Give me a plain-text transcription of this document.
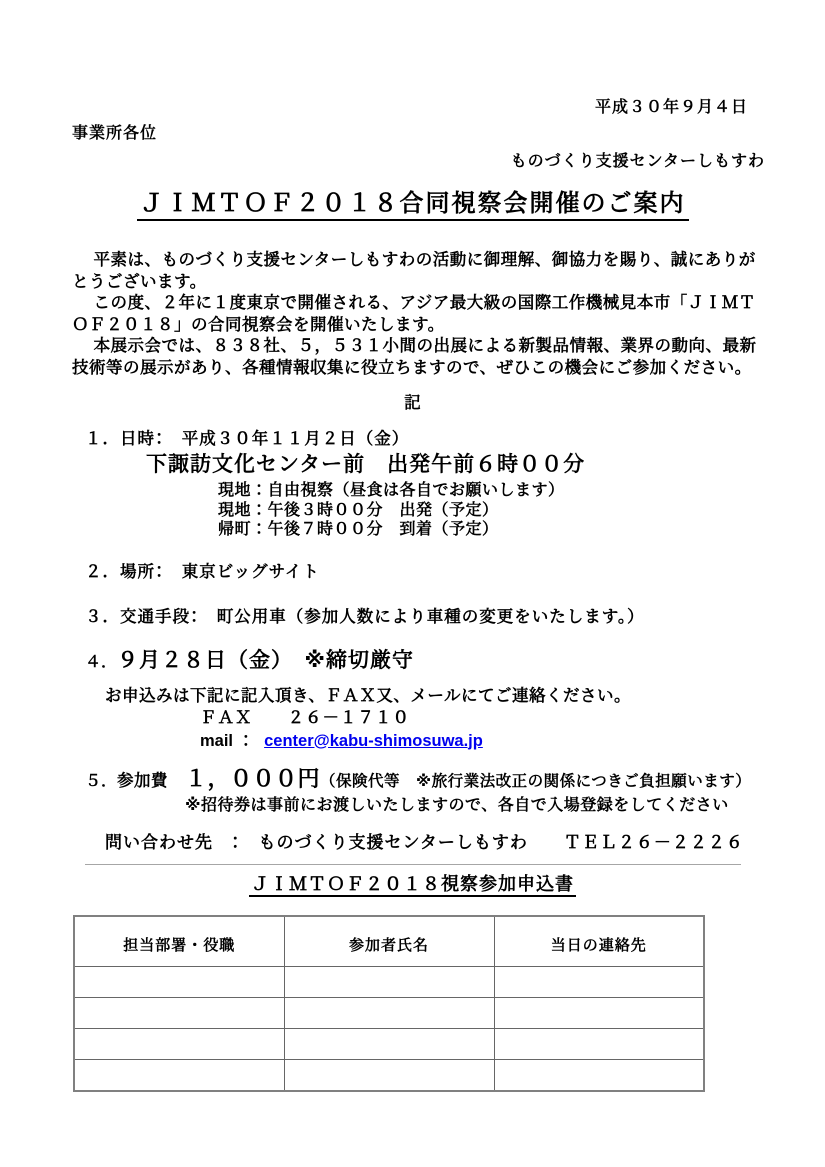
平成３０年９月４日
事業所各位
ものづくり支援センターしもすわ
ＪＩＭＴＯＦ２０１８合同視察会開催のご案内

平素は、ものづくり支援センターしもすわの活動に御理解、御協力を賜り、誠にありがとうございます。

この度、２年に１度東京で開催される、アジア最大級の国際工作機械見本市「ＪＩＭＴＯＦ２０１８」の合同視察会を開催いたします。

本展示会では、８３８社、５，５３１小間の出展による新製品情報、業界の動向、最新技術等の展示があり、各種情報収集に役立ちますので、ぜひこの機会にご参加ください。

記
１．日時：　平成３０年１１月２日（金）
下諏訪文化センター前　出発午前６時００分
現地：自由視察（昼食は各自でお願いします）
現地：午後３時００分　出発（予定）
帰町：午後７時００分　到着（予定）
２．場所：　東京ビッグサイト
３．交通手段：　町公用車（参加人数により車種の変更をいたします。）
４．９月２８日（金）　※締切厳守
お申込みは下記に記入頂き、ＦＡＸ又、メールにてご連絡ください。
ＦＡＸ　　２６－１７１０
mail ： center@kabu-shimosuwa.jp
５．参加費　１，０００円（保険代等　※旅行業法改正の関係につきご負担願います）
※招待券は事前にお渡しいたしますので、各自で入場登録をしてください
問い合わせ先　：　ものづくり支援センターしもすわ　　ＴＥＬ２６－２２２６
ＪＩＭＴＯＦ２０１８視察参加申込書
担当部署・役職	参加者氏名	当日の連絡先
